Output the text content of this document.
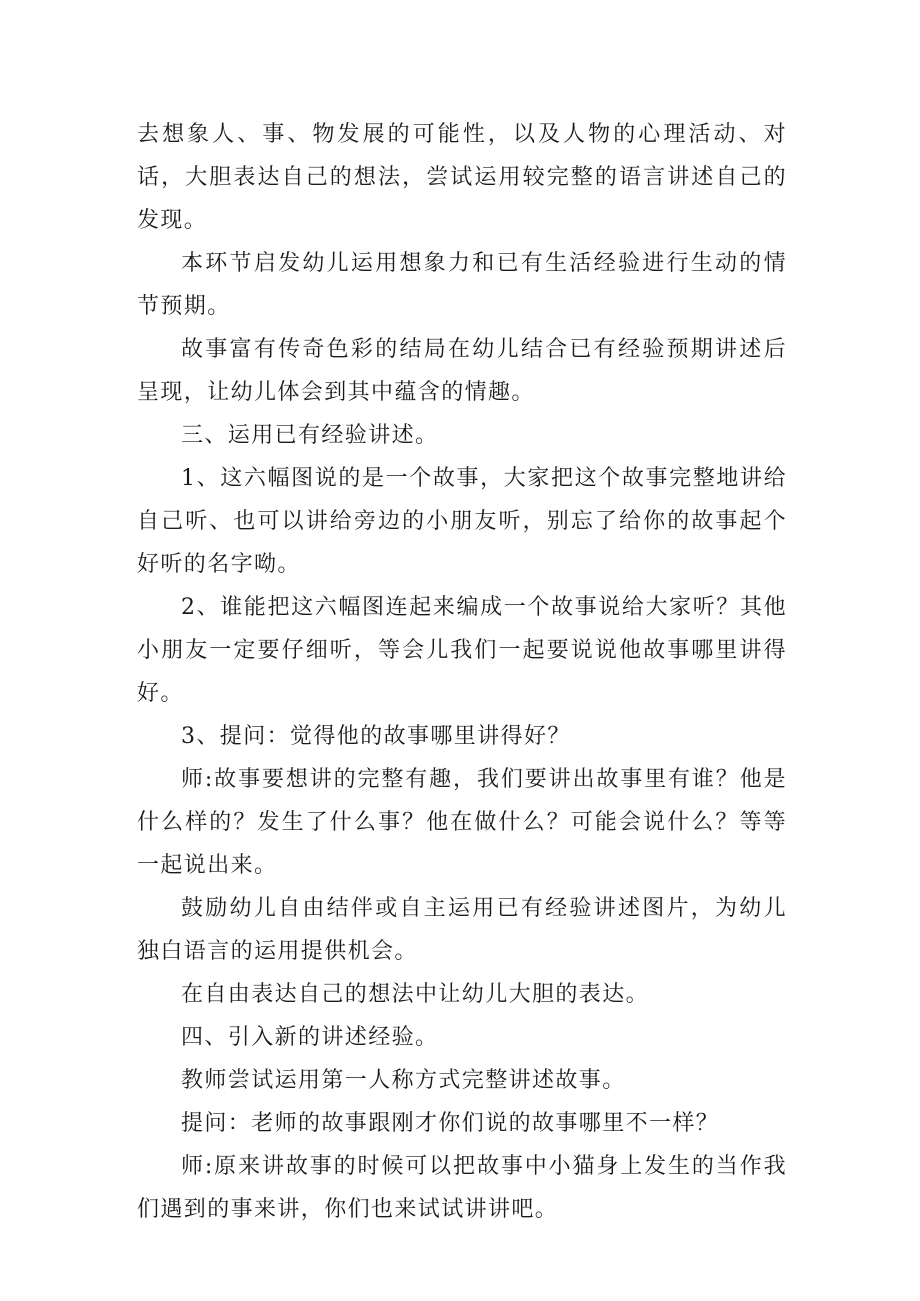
去想象人、事、物发展的可能性，以及人物的心理活动、对话，大胆表达自己的想法，尝试运用较完整的语言讲述自己的发现。

本环节启发幼儿运用想象力和已有生活经验进行生动的情节预期。

故事富有传奇色彩的结局在幼儿结合已有经验预期讲述后呈现，让幼儿体会到其中蕴含的情趣。

三、运用已有经验讲述。

1、这六幅图说的是一个故事，大家把这个故事完整地讲给自己听、也可以讲给旁边的小朋友听，别忘了给你的故事起个好听的名字呦。

2、谁能把这六幅图连起来编成一个故事说给大家听？其他小朋友一定要仔细听，等会儿我们一起要说说他故事哪里讲得好。

3、提问：觉得他的故事哪里讲得好？

师:故事要想讲的完整有趣，我们要讲出故事里有谁？他是什么样的？发生了什么事？他在做什么？可能会说什么？等等一起说出来。

鼓励幼儿自由结伴或自主运用已有经验讲述图片，为幼儿独白语言的运用提供机会。

在自由表达自己的想法中让幼儿大胆的表达。

四、引入新的讲述经验。

教师尝试运用第一人称方式完整讲述故事。

提问：老师的故事跟刚才你们说的故事哪里不一样？

师:原来讲故事的时候可以把故事中小猫身上发生的当作我们遇到的事来讲，你们也来试试讲讲吧。
